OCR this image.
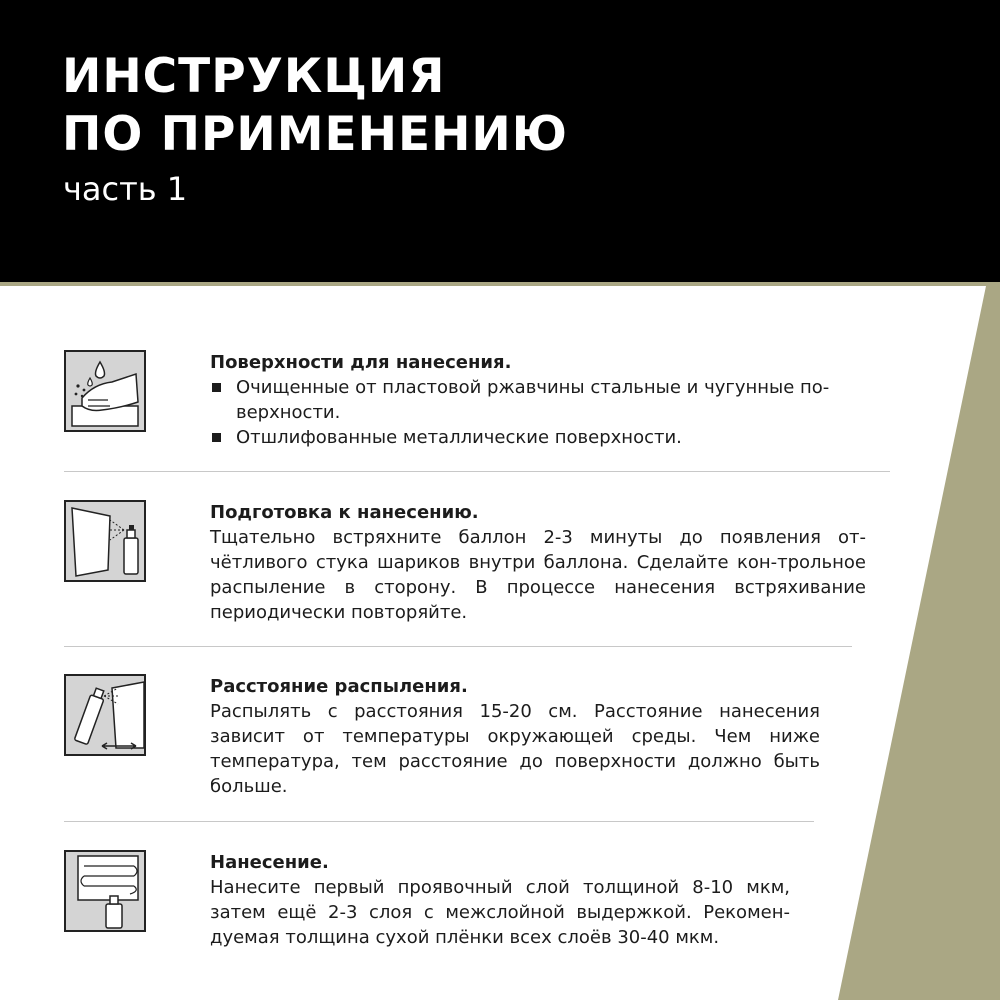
ИНСТРУКЦИЯ
ПО ПРИМЕНЕНИЮ
часть 1

Поверхности для нанесения.

Очищенные от пластовой ржавчины стальные и чугунные по-верхности.
Отшлифованные металлические поверхности.

Подготовка к нанесению.

Тщательно встряхните баллон 2-3 минуты до появления от-чётливого стука шариков внутри баллона. Сделайте кон-трольное распыление в сторону. В процессе нанесения встряхивание периодически повторяйте.

Расстояние распыления.

Распылять с расстояния 15-20 см. Расстояние нанесения зависит от температуры окружающей среды. Чем ниже температура, тем расстояние до поверхности должно быть больше.

Нанесение.

Нанесите первый проявочный слой толщиной 8-10 мкм, затем ещё 2-3 слоя с межслойной выдержкой. Рекомен-дуемая толщина сухой плёнки всех слоёв 30-40 мкм.
